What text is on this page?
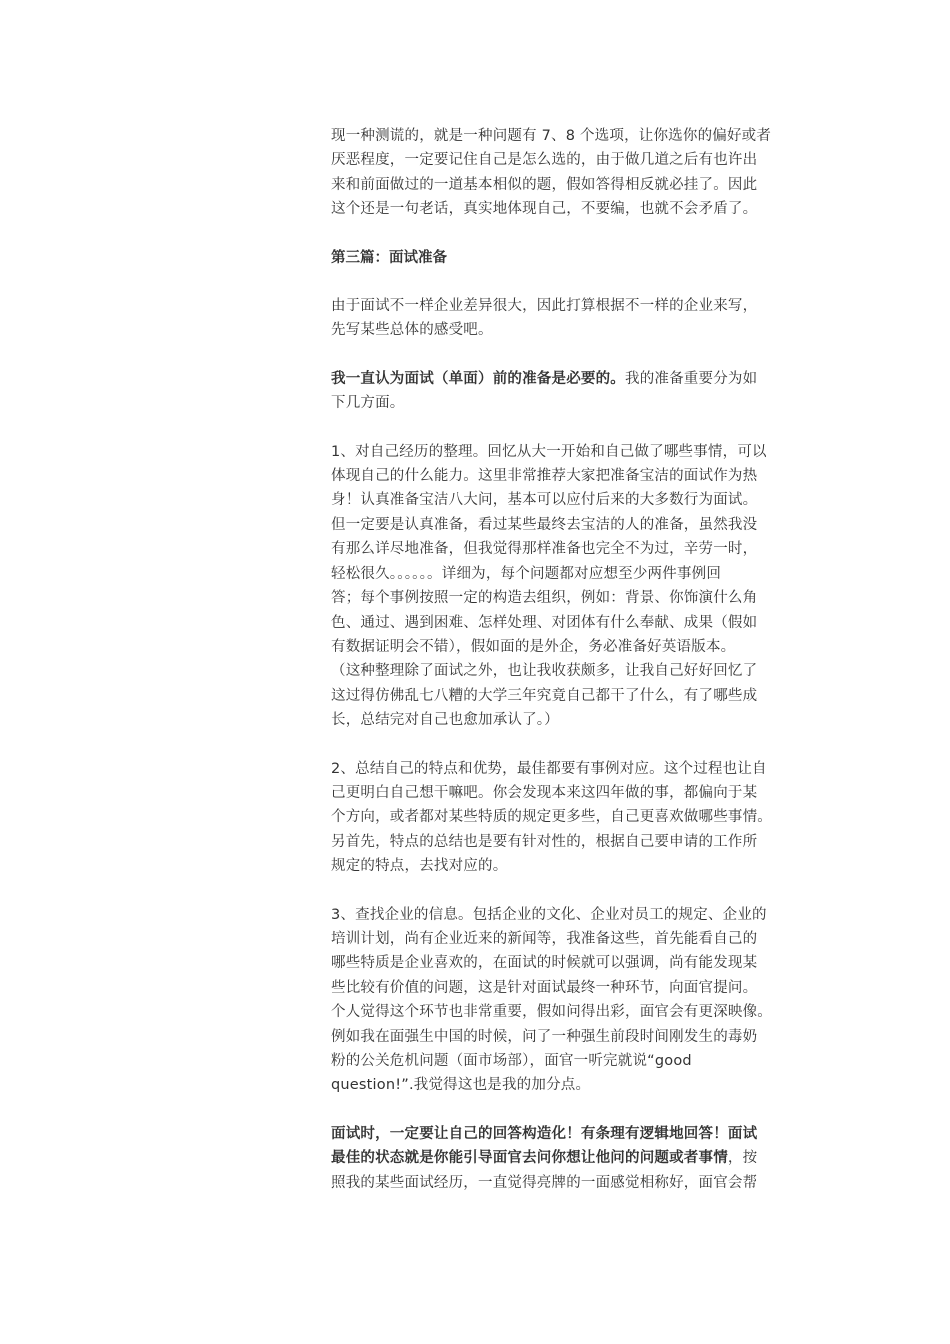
现一种测谎的，就是一种问题有 7、8 个选项，让你选你的偏好或者
厌恶程度，一定要记住自己是怎么选的，由于做几道之后有也许出
来和前面做过的一道基本相似的题，假如答得相反就必挂了。因此
这个还是一句老话，真实地体现自己，不要编，也就不会矛盾了。

第三篇：面试准备

由于面试不一样企业差异很大，因此打算根据不一样的企业来写，
先写某些总体的感受吧。

我一直认为面试（单面）前的准备是必要的。我的准备重要分为如
下几方面。

1、对自己经历的整理。回忆从大一开始和自己做了哪些事情，可以
体现自己的什么能力。这里非常推荐大家把准备宝洁的面试作为热
身！认真准备宝洁八大问，基本可以应付后来的大多数行为面试。
但一定要是认真准备，看过某些最终去宝洁的人的准备，虽然我没
有那么详尽地准备，但我觉得那样准备也完全不为过，辛劳一时，
轻松很久。。。。。。详细为，每个问题都对应想至少两件事例回
答；每个事例按照一定的构造去组织，例如：背景、你饰演什么角
色、通过、遇到困难、怎样处理、对团体有什么奉献、成果（假如
有数据证明会不错），假如面的是外企，务必准备好英语版本。
（这种整理除了面试之外，也让我收获颇多，让我自己好好回忆了
这过得仿佛乱七八糟的大学三年究竟自己都干了什么，有了哪些成
长，总结完对自己也愈加承认了。）

2、总结自己的特点和优势，最佳都要有事例对应。这个过程也让自
己更明白自己想干嘛吧。你会发现本来这四年做的事，都偏向于某
个方向，或者都对某些特质的规定更多些，自己更喜欢做哪些事情。
另首先，特点的总结也是要有针对性的，根据自己要申请的工作所
规定的特点，去找对应的。

3、查找企业的信息。包括企业的文化、企业对员工的规定、企业的
培训计划，尚有企业近来的新闻等，我准备这些，首先能看自己的
哪些特质是企业喜欢的，在面试的时候就可以强调，尚有能发现某
些比较有价值的问题，这是针对面试最终一种环节，向面官提问。
个人觉得这个环节也非常重要，假如问得出彩，面官会有更深映像。
例如我在面强生中国的时候，问了一种强生前段时间刚发生的毒奶
粉的公关危机问题（面市场部），面官一听完就说“good
question!”.我觉得这也是我的加分点。

面试时，一定要让自己的回答构造化！有条理有逻辑地回答！面试
最佳的状态就是你能引导面官去问你想让他问的问题或者事情，按
照我的某些面试经历，一直觉得亮牌的一面感觉相称好，面官会帮
